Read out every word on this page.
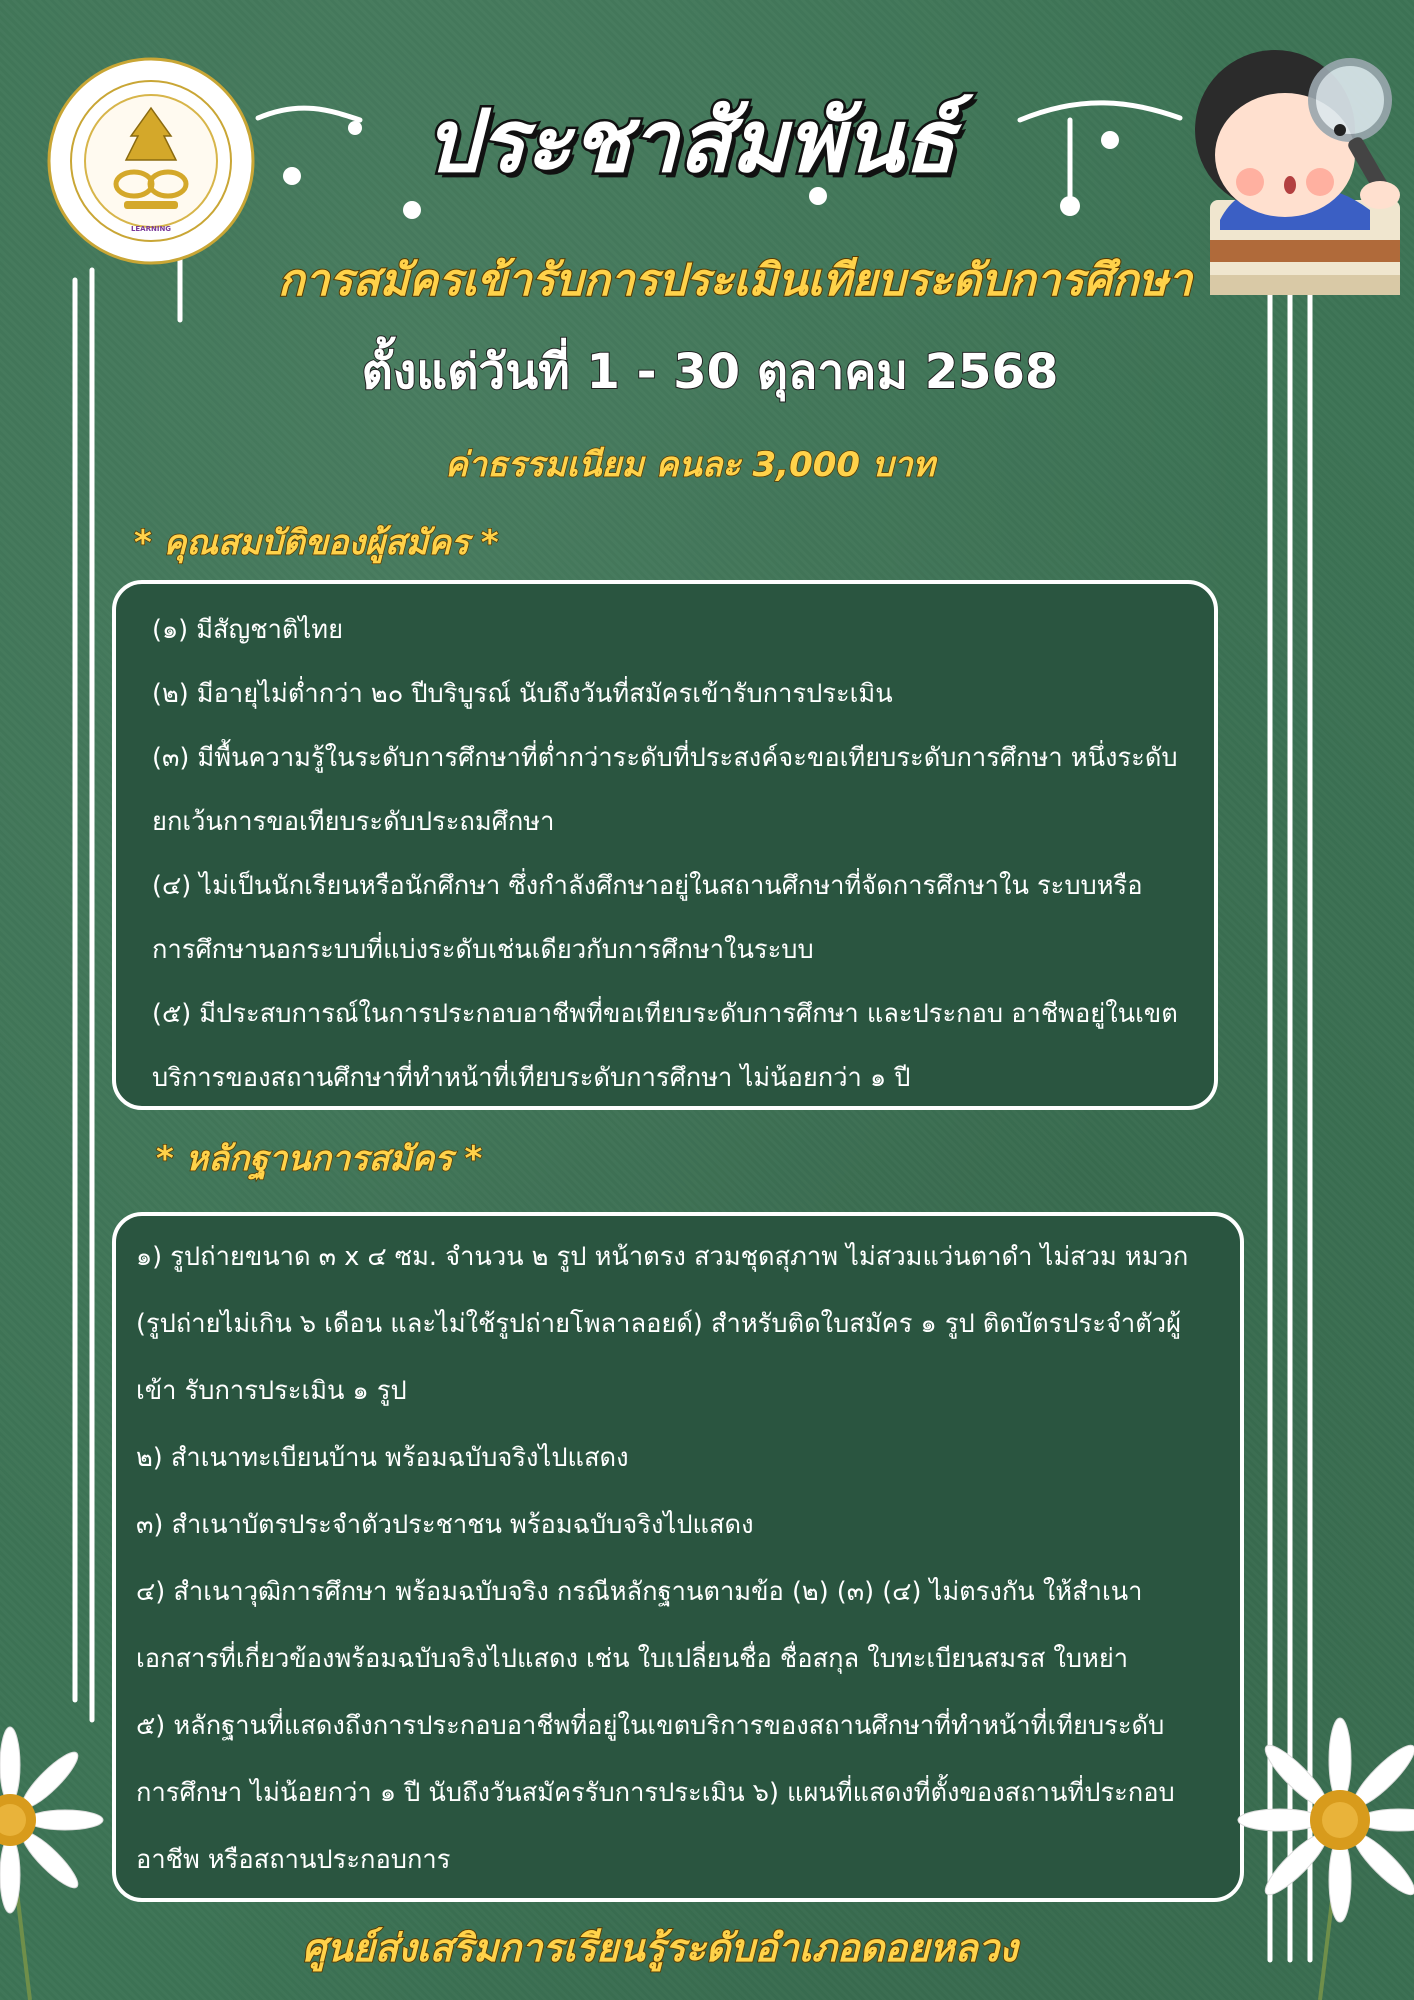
LEARNING
ประชาสัมพันธ์
การสมัครเข้ารับการประเมินเทียบระดับการศึกษา
ตั้งแต่วันที่ 1 - 30 ตุลาคม 2568
ค่าธรรมเนียม คนละ 3,000 บาท
* คุณสมบัติของผู้สมัคร *
(๑) มีสัญชาติไทย
(๒) มีอายุไม่ต่ำกว่า ๒๐ ปีบริบูรณ์ นับถึงวันที่สมัครเข้ารับการประเมิน
(๓) มีพื้นความรู้ในระดับการศึกษาที่ต่ำกว่าระดับที่ประสงค์จะขอเทียบระดับการศึกษา หนึ่งระดับ
ยกเว้นการขอเทียบระดับประถมศึกษา
(๔) ไม่เป็นนักเรียนหรือนักศึกษา ซึ่งกำลังศึกษาอยู่ในสถานศึกษาที่จัดการศึกษาใน ระบบหรือ
การศึกษานอกระบบที่แบ่งระดับเช่นเดียวกับการศึกษาในระบบ
(๕) มีประสบการณ์ในการประกอบอาชีพที่ขอเทียบระดับการศึกษา และประกอบ อาชีพอยู่ในเขต
บริการของสถานศึกษาที่ทำหน้าที่เทียบระดับการศึกษา ไม่น้อยกว่า ๑ ปี
* หลักฐานการสมัคร *
๑) รูปถ่ายขนาด ๓ x ๔ ซม. จำนวน ๒ รูป หน้าตรง สวมชุดสุภาพ ไม่สวมแว่นตาดำ ไม่สวม หมวก
(รูปถ่ายไม่เกิน ๖ เดือน และไม่ใช้รูปถ่ายโพลาลอยด์) สำหรับติดใบสมัคร ๑ รูป ติดบัตรประจำตัวผู้
เข้า รับการประเมิน ๑ รูป
๒) สำเนาทะเบียนบ้าน พร้อมฉบับจริงไปแสดง
๓) สำเนาบัตรประจำตัวประชาชน พร้อมฉบับจริงไปแสดง
๔) สำเนาวุฒิการศึกษา พร้อมฉบับจริง กรณีหลักฐานตามข้อ (๒) (๓) (๔) ไม่ตรงกัน ให้สำเนา
เอกสารที่เกี่ยวข้องพร้อมฉบับจริงไปแสดง เช่น ใบเปลี่ยนชื่อ ชื่อสกุล ใบทะเบียนสมรส ใบหย่า
๕) หลักฐานที่แสดงถึงการประกอบอาชีพที่อยู่ในเขตบริการของสถานศึกษาที่ทำหน้าที่เทียบระดับ
การศึกษา ไม่น้อยกว่า ๑ ปี นับถึงวันสมัครรับการประเมิน ๖) แผนที่แสดงที่ตั้งของสถานที่ประกอบ
อาชีพ หรือสถานประกอบการ
ศูนย์ส่งเสริมการเรียนรู้ระดับอำเภอดอยหลวง
